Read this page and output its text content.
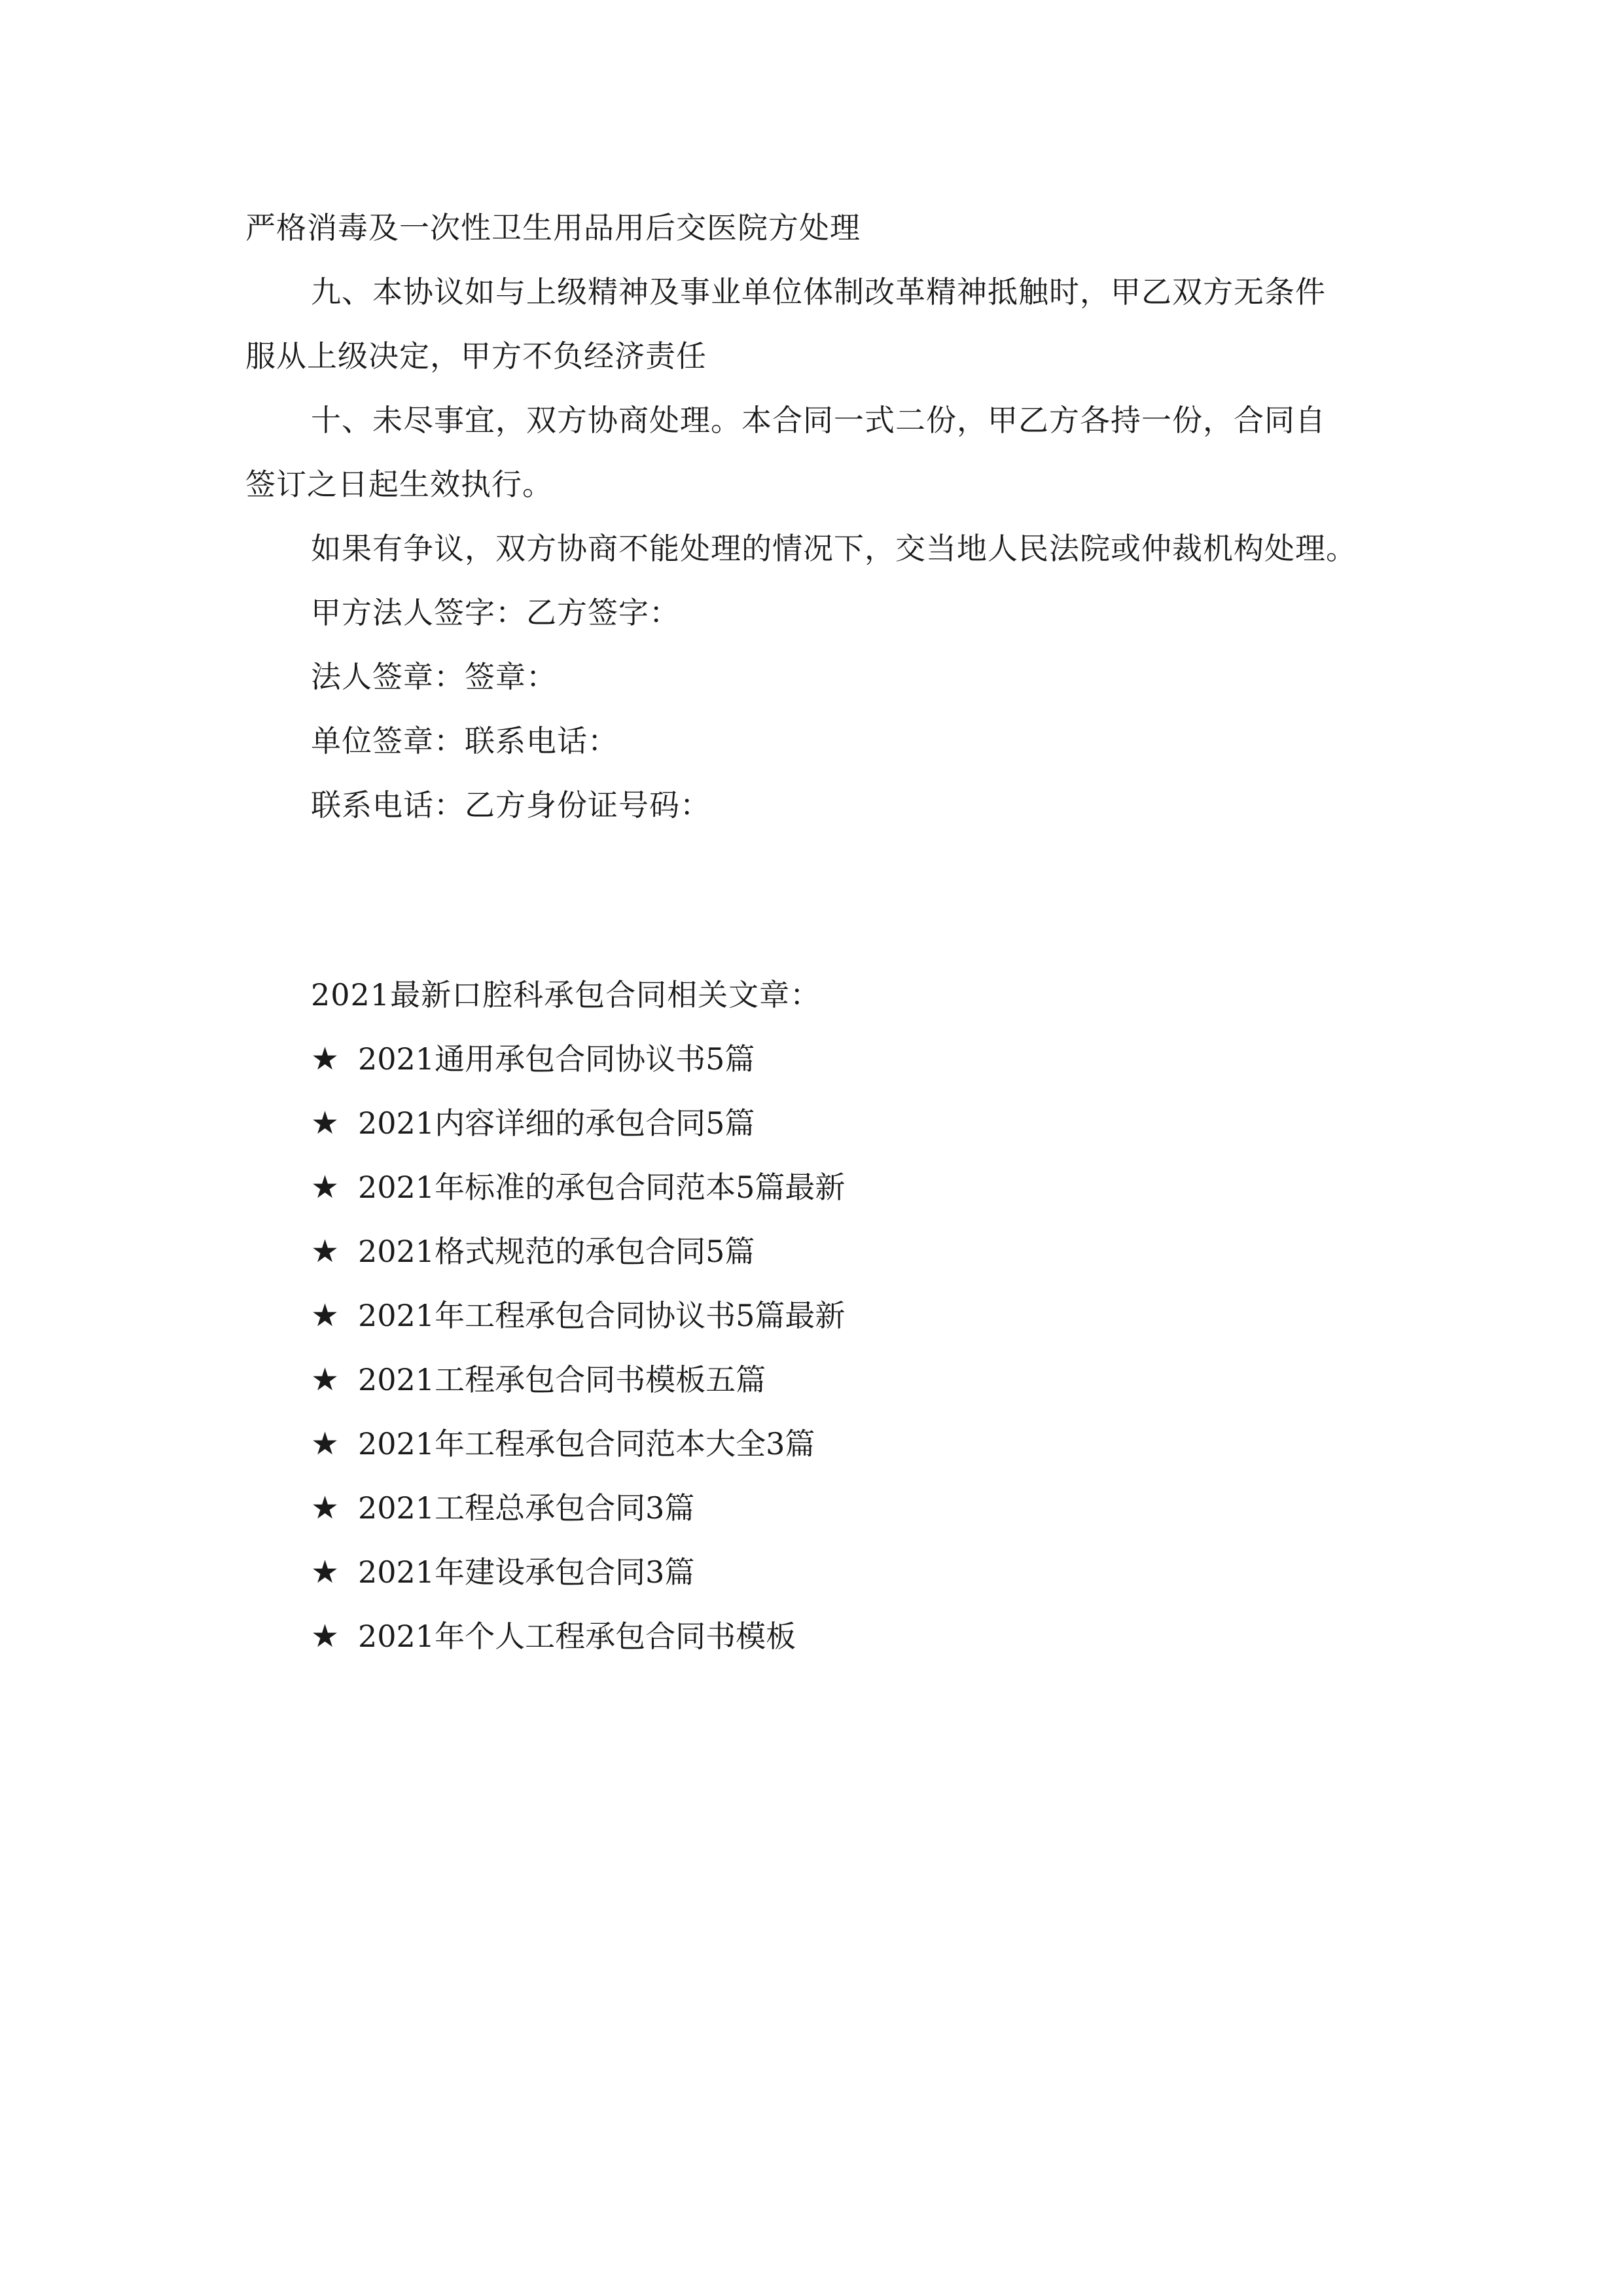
严格消毒及一次性卫生用品用后交医院方处理
九、本协议如与上级精神及事业单位体制改革精神抵触时，甲乙双方无条件
服从上级决定，甲方不负经济责任
十、未尽事宜，双方协商处理。本合同一式二份，甲乙方各持一份，合同自
签订之日起生效执行。
如果有争议，双方协商不能处理的情况下，交当地人民法院或仲裁机构处理。
甲方法人签字：乙方签字：
法人签章：签章：
单位签章：联系电话：
联系电话：乙方身份证号码：
2021最新口腔科承包合同相关文章：
★ 2021通用承包合同协议书5篇
★ 2021内容详细的承包合同5篇
★ 2021年标准的承包合同范本5篇最新
★ 2021格式规范的承包合同5篇
★ 2021年工程承包合同协议书5篇最新
★ 2021工程承包合同书模板五篇
★ 2021年工程承包合同范本大全3篇
★ 2021工程总承包合同3篇
★ 2021年建设承包合同3篇
★ 2021年个人工程承包合同书模板
